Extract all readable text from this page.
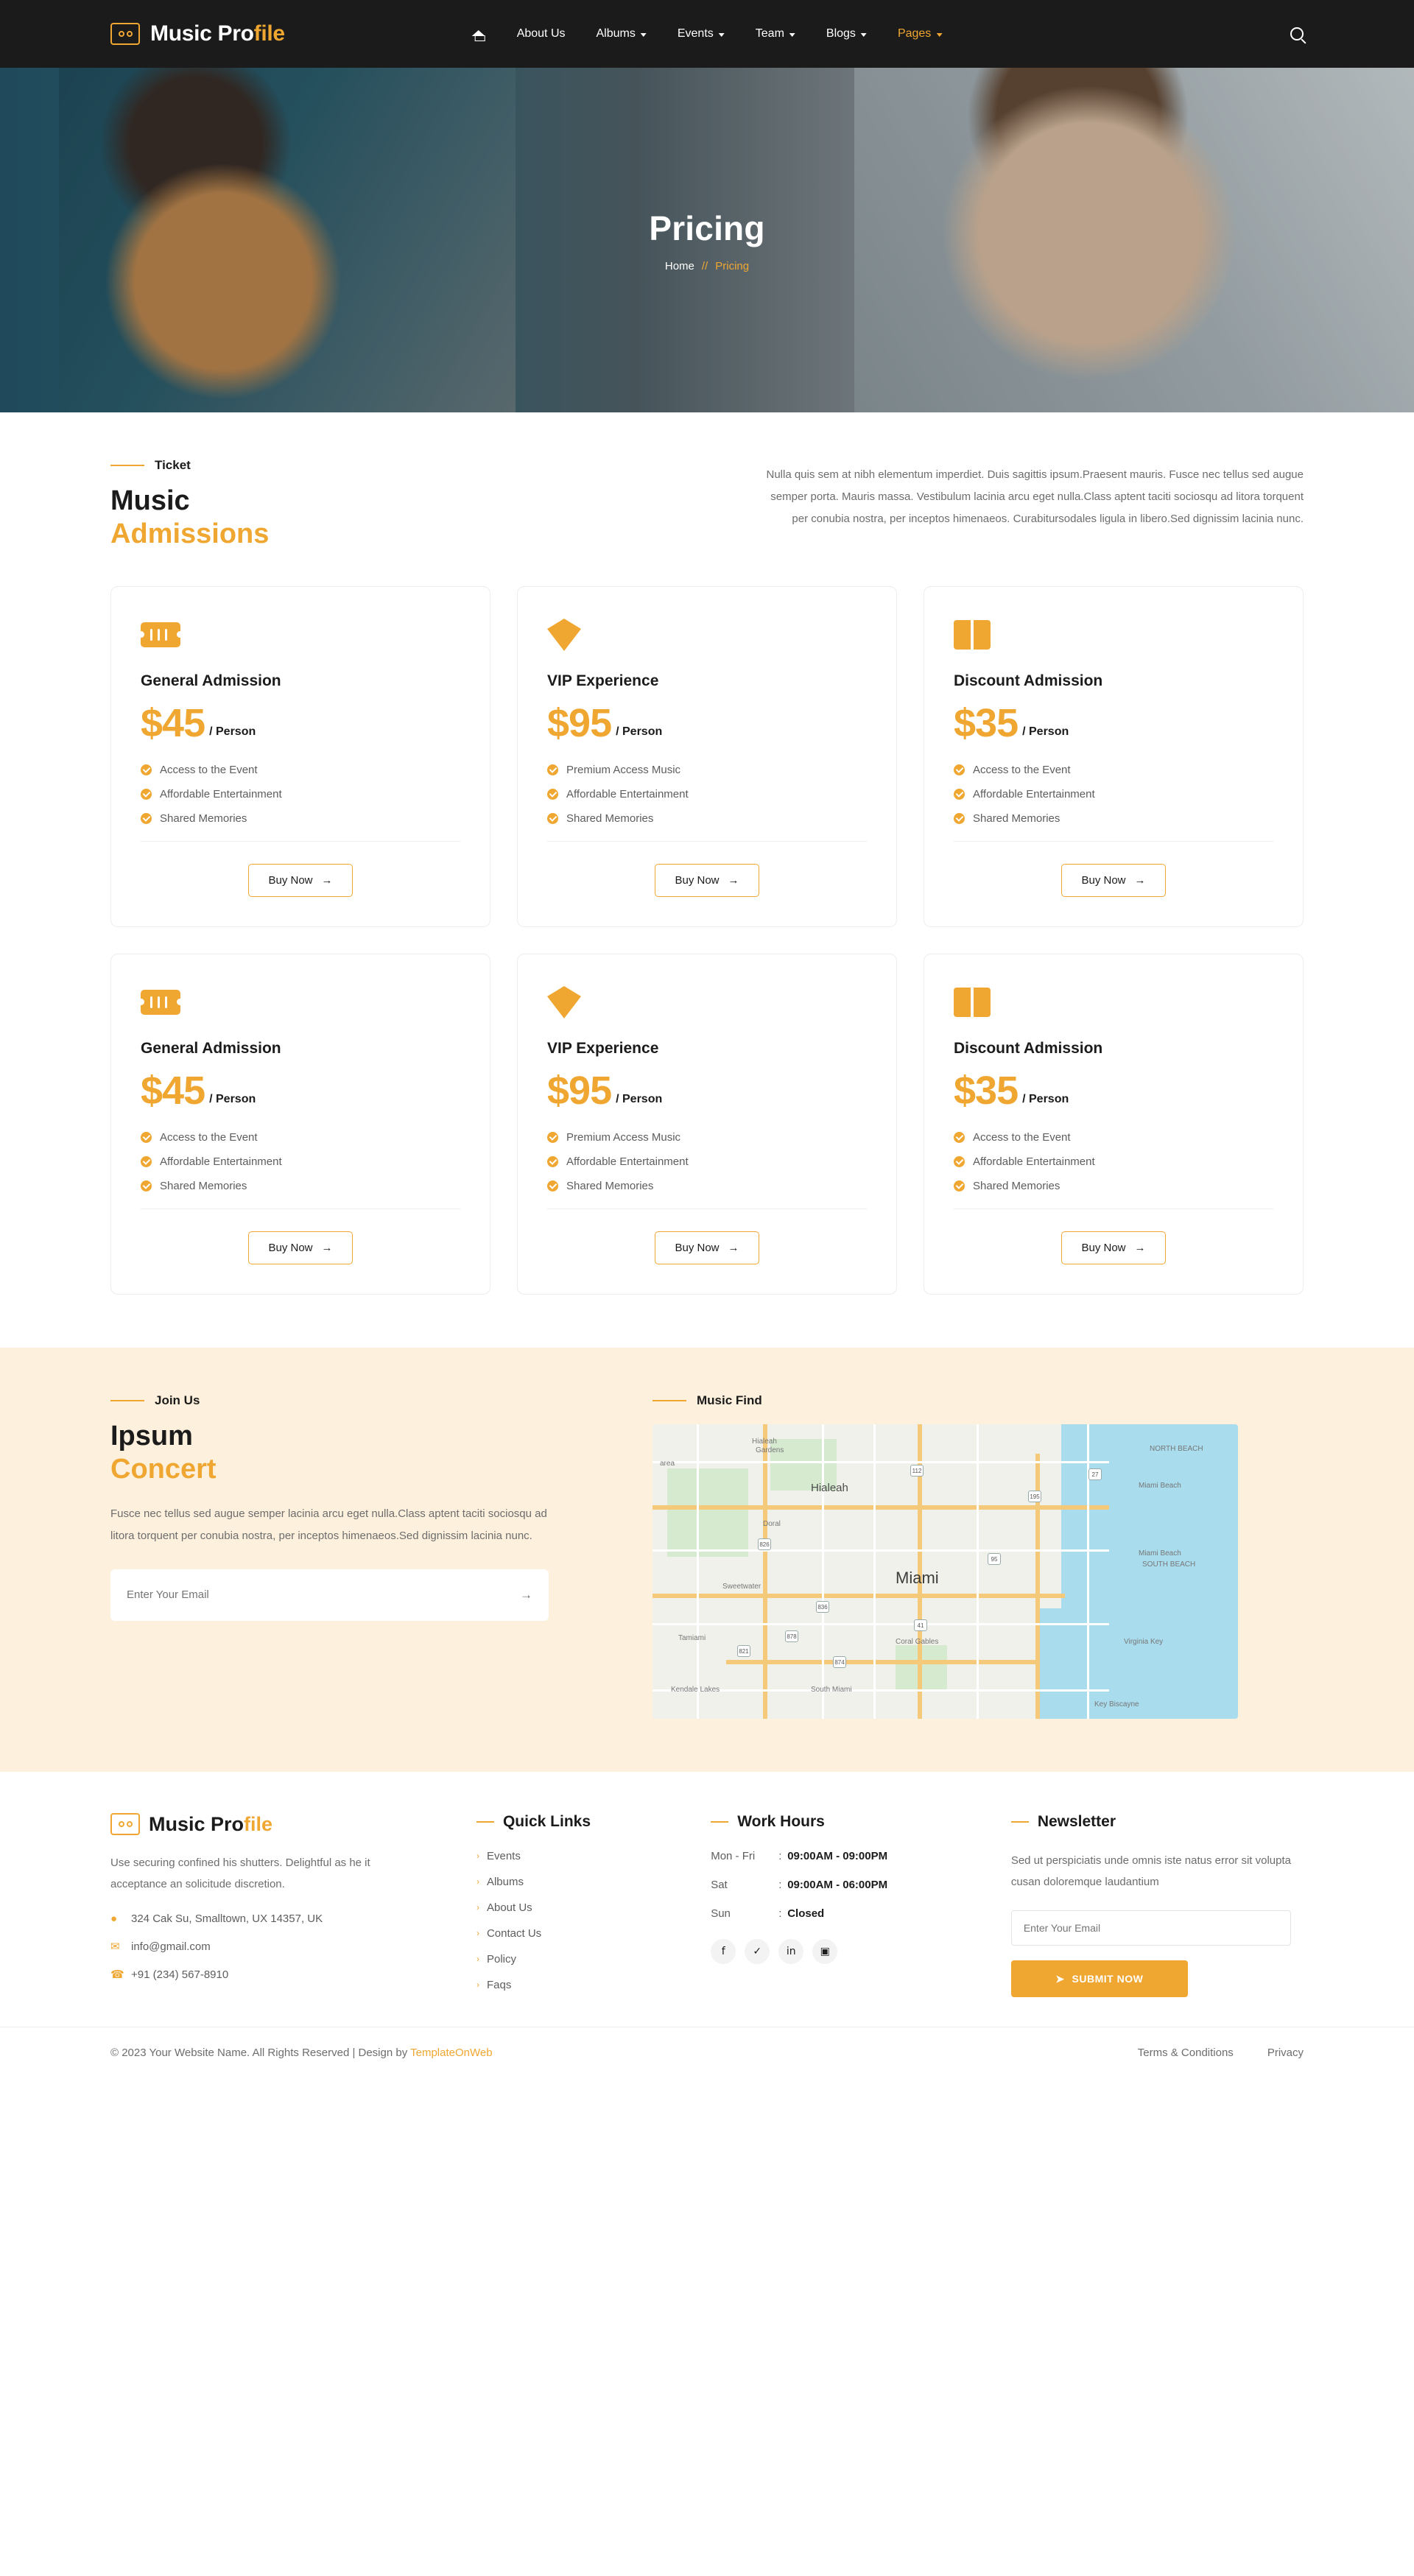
Music Profile	About Us	Albums	Events	Team	Blogs	Pages
Pricing
Home // Pricing
Ticket
Music
Admissions
Nulla quis sem at nibh elementum imperdiet. Duis sagittis ipsum.Praesent mauris. Fusce nec tellus sed augue semper porta. Mauris massa. Vestibulum lacinia arcu eget nulla.Class aptent taciti sociosqu ad litora torquent per conubia nostra, per inceptos himenaeos. Curabitursodales ligula in libero.Sed dignissim lacinia nunc.
General Admission
$45 / Person
Access to the Event
Affordable Entertainment
Shared Memories
Buy Now →
VIP Experience
$95 / Person
Premium Access Music
Affordable Entertainment
Shared Memories
Buy Now →
Discount Admission
$35 / Person
Access to the Event
Affordable Entertainment
Shared Memories
Buy Now →
General Admission
$45 / Person
Access to the Event
Affordable Entertainment
Shared Memories
Buy Now →
VIP Experience
$95 / Person
Premium Access Music
Affordable Entertainment
Shared Memories
Buy Now →
Discount Admission
$35 / Person
Access to the Event
Affordable Entertainment
Shared Memories
Buy Now →
Join Us
Ipsum
Concert
Fusce nec tellus sed augue semper lacinia arcu eget nulla.Class aptent taciti sociosqu ad litora torquent per conubia nostra, per inceptos himenaeos.Sed dignissim lacinia nunc.
Enter Your Email
→
Music Find
Miami
Hialeah	Miami Beach
NORTH BEACH
Miami Beach
SOUTH BEACH
Doral
Sweetwater
Tamiami
Kendale Lakes	South Miami
Coral Gables	Virginia Key
Key Biscayne
Hialeah
Gardens
area
826
112
195
95
41
836
874
878
821
27
Music Profile
Use securing confined his shutters. Delightful as he it acceptance an solicitude discretion.
●	324 Cak Su, Smalltown, UX 14357, UK
✉ info@gmail.com
☎ +91 (234) 567-8910
Quick Links
› Events
› Albums
› About Us
› Contact Us
› Policy
› Faqs
Work Hours
Mon - Fri	: 09:00AM - 09:00PM
Sat	: 09:00AM - 06:00PM
Sun	: Closed
f	✓	in	▣
Newsletter
Sed ut perspiciatis unde omnis iste natus error sit volupta cusan doloremque laudantium
Enter Your Email
➤ SUBMIT NOW
© 2023 Your Website Name. All Rights Reserved | Design by TemplateOnWeb	Terms & Conditions	Privacy
